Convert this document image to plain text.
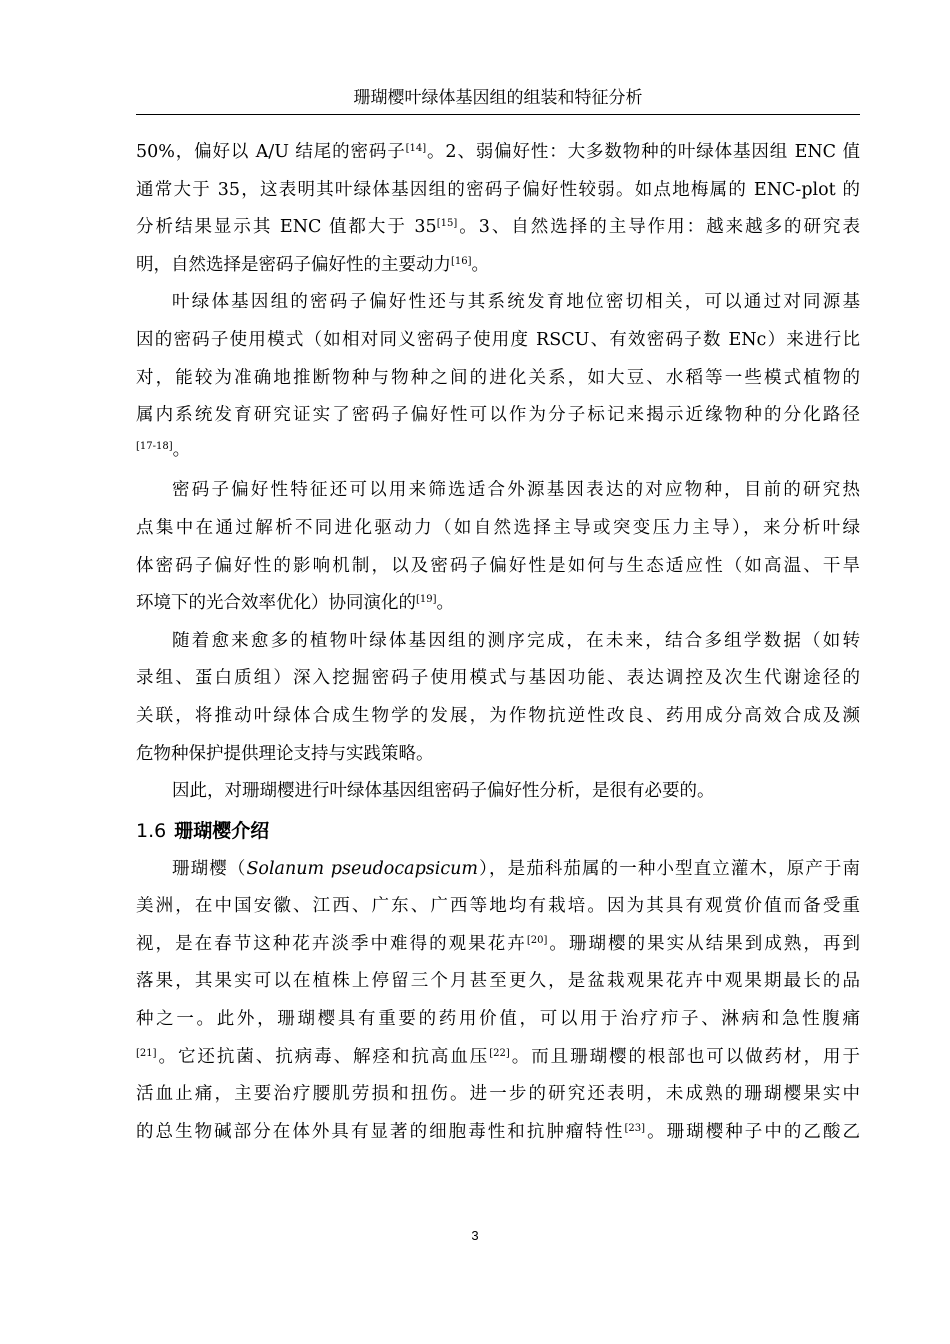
珊瑚樱叶绿体基因组的组装和特征分析
50%，偏好以 A/U 结尾的密码子[14]。2、弱偏好性：大多数物种的叶绿体基因组 ENC 值
通常大于 35，这表明其叶绿体基因组的密码子偏好性较弱。如点地梅属的 ENC-plot 的
分析结果显示其 ENC 值都大于 35[15]。3、自然选择的主导作用：越来越多的研究表
明，自然选择是密码子偏好性的主要动力[16]。
叶绿体基因组的密码子偏好性还与其系统发育地位密切相关，可以通过对同源基
因的密码子使用模式（如相对同义密码子使用度 RSCU、有效密码子数 ENc）来进行比
对，能较为准确地推断物种与物种之间的进化关系，如大豆、水稻等一些模式植物的
属内系统发育研究证实了密码子偏好性可以作为分子标记来揭示近缘物种的分化路径
[17-18]。
密码子偏好性特征还可以用来筛选适合外源基因表达的对应物种，目前的研究热
点集中在通过解析不同进化驱动力（如自然选择主导或突变压力主导），来分析叶绿
体密码子偏好性的影响机制，以及密码子偏好性是如何与生态适应性（如高温、干旱
环境下的光合效率优化）协同演化的[19]。
随着愈来愈多的植物叶绿体基因组的测序完成，在未来，结合多组学数据（如转
录组、蛋白质组）深入挖掘密码子使用模式与基因功能、表达调控及次生代谢途径的
关联，将推动叶绿体合成生物学的发展，为作物抗逆性改良、药用成分高效合成及濒
危物种保护提供理论支持与实践策略。
因此，对珊瑚樱进行叶绿体基因组密码子偏好性分析，是很有必要的。
1.6 珊瑚樱介绍
珊瑚樱（Solanum pseudocapsicum），是茄科茄属的一种小型直立灌木，原产于南
美洲，在中国安徽、江西、广东、广西等地均有栽培。因为其具有观赏价值而备受重
视，是在春节这种花卉淡季中难得的观果花卉[20]。珊瑚樱的果实从结果到成熟，再到
落果，其果实可以在植株上停留三个月甚至更久，是盆栽观果花卉中观果期最长的品
种之一。此外，珊瑚樱具有重要的药用价值，可以用于治疗疖子、淋病和急性腹痛
[21]。它还抗菌、抗病毒、解痉和抗高血压[22]。而且珊瑚樱的根部也可以做药材，用于
活血止痛，主要治疗腰肌劳损和扭伤。进一步的研究还表明，未成熟的珊瑚樱果实中
的总生物碱部分在体外具有显著的细胞毒性和抗肿瘤特性[23]。珊瑚樱种子中的乙酸乙
3
